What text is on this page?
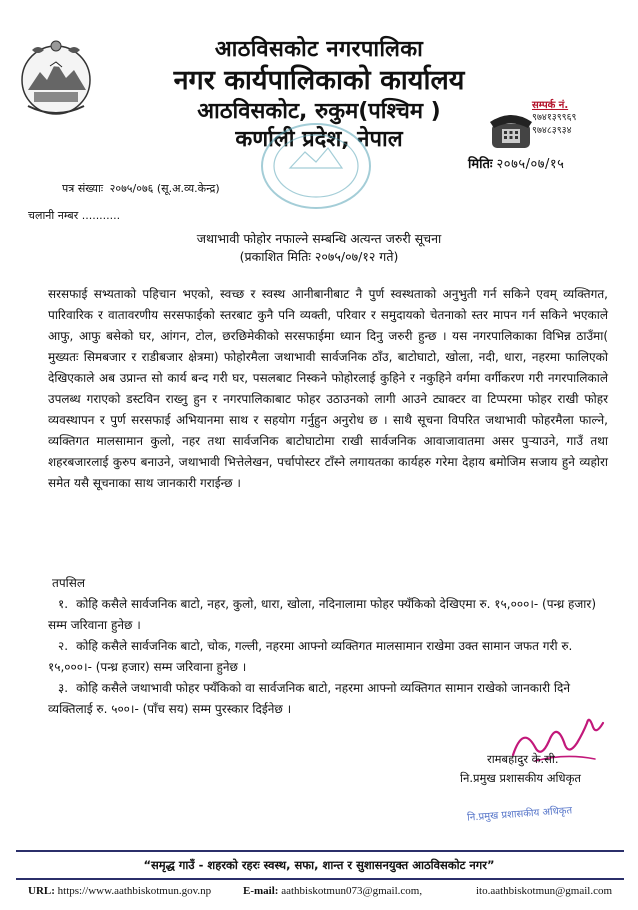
आठविसकोट नगरपालिका
नगर कार्यपालिकाको कार्यालय
आठविसकोट, रुकुम(पश्चिम )
कर्णाली प्रदेश, नेपाल
सम्पर्क नं.
९७४१३९९६९
९७४८३९३४
मितिः २०७५/०७/१५
पत्र संख्याः २०७५/०७६ (सू.अ.व्य.केन्द्र)
चलानी नम्बर ...........
जथाभावी फोहोर नफाल्ने सम्बन्धि अत्यन्त जरुरी सूचना
(प्रकाशित मितिः २०७५/०७/१२ गते)

सरसफाई सभ्यताको पहिचान भएको, स्वच्छ र स्वस्थ आनीबानीबाट नै पुर्ण स्वस्थताको अनुभुती गर्न सकिने एवम् व्यक्तिगत, पारिवारिक र वातावरणीय सरसफाईको स्तरबाट कुनै पनि व्यक्ती, परिवार र समुदायको चेतनाको स्तर मापन गर्न सकिने भएकाले आफु, आफु बसेको घर, आंगन, टोल, छरछिमेकीको सरसफाईमा ध्यान दिनु जरुरी हुन्छ । यस नगरपालिकाका विभिन्न ठाउँमा( मुख्यतः सिमबजार र राडीबजार क्षेत्रमा) फोहोरमैला जथाभावी सार्वजनिक ठाँउ, बाटोघाटो, खोला, नदी, धारा, नहरमा फालिएको देखिएकाले अब उप्रान्त सो कार्य बन्द गरी घर, पसलबाट निस्कने फोहोरलाई कुहिने र नकुहिने वर्गमा वर्गीकरण गरी नगरपालिकाले उपलब्ध गराएको डस्टविन राख्नु हुन र नगरपालिकाबाट फोहर उठाउनको लागी आउने ट्याक्टर वा टिप्परमा फोहर राखी फोहर व्यवस्थापन र पुर्ण सरसफाई अभियानमा साथ र सहयोग गर्नुहुन अनुरोध छ । साथै सूचना विपरित जथाभावी फोहरमैला फाल्ने, व्यक्तिगत मालसामान कुलो, नहर तथा सार्वजनिक बाटोघाटोमा राखी सार्वजनिक आवाजावातमा असर पुऱ्याउने, गाउँ तथा शहरबजारलाई कुरुप बनाउने, जथाभावी भित्तेलेखन, पर्चापोस्टर टाँस्ने लगायतका कार्यहरु गरेमा देहाय बमोजिम सजाय हुने व्यहोरा समेत यसै सूचनाका साथ जानकारी गराईन्छ ।

तपसिल
१. कोहि कसैले सार्वजनिक बाटो, नहर, कुलो, धारा, खोला, नदिनालामा फोहर फ्यँकिको देखिएमा रु. १५,०००।- (पन्ध्र हजार) सम्म जरिवाना हुनेछ ।

२. कोहि कसैले सार्वजनिक बाटो, चोक, गल्ली, नहरमा आफ्नो व्यक्तिगत मालसामान राखेमा उक्त सामान जफत गरी रु. १५,०००।- (पन्ध्र हजार) सम्म जरिवाना हुनेछ ।

३. कोहि कसैले जथाभावी फोहर फ्यँकिको वा सार्वजनिक बाटो, नहरमा आफ्नो व्यक्तिगत सामान राखेको जानकारी दिने व्यक्तिलाई रु. ५००।- (पाँच सय) सम्म पुरस्कार दिईनेछ ।

रामबहादुर के.सी.
नि.प्रमुख प्रशासकीय अधिकृत
नि.प्रमुख प्रशासकीय अधिकृत
“समृद्ध गाउँ - शहरको रहरः स्वस्थ, सफा, शान्त र सुशासनयुक्त आठविसकोट नगर”
URL: https://www.aathbiskotmun.gov.np	E-mail: aathbiskotmun073@gmail.com,	ito.aathbiskotmun@gmail.com
